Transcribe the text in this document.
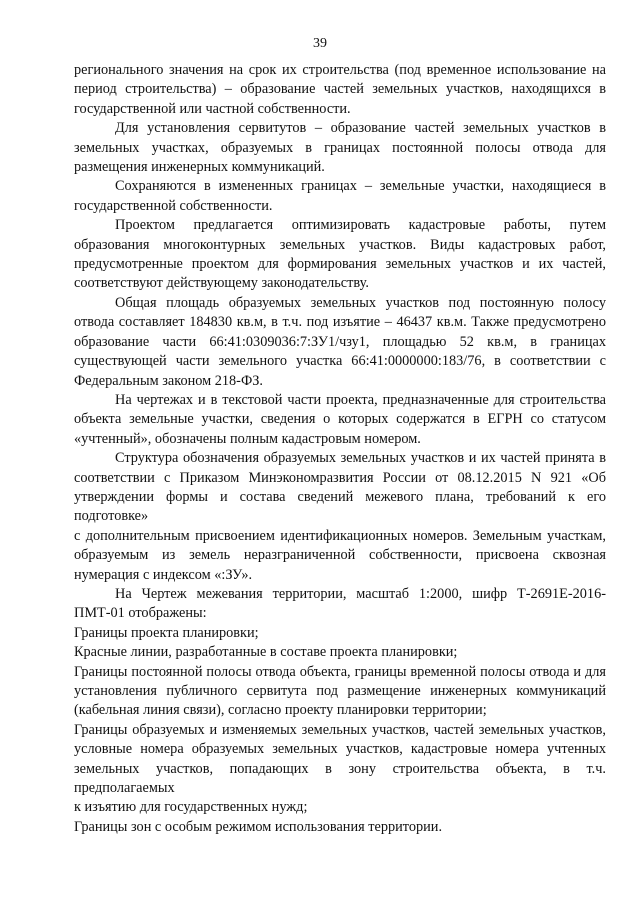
39

регионального значения на срок их строительства (под временное использование на период строительства) – образование частей земельных участков, находящихся в государственной или частной собственности.

Для установления сервитутов – образование частей земельных участков в земельных участках, образуемых в границах постоянной полосы отвода для размещения инженерных коммуникаций.

Сохраняются в измененных границах – земельные участки, находящиеся в государственной собственности.

Проектом предлагается оптимизировать кадастровые работы, путем образования многоконтурных земельных участков. Виды кадастровых работ, предусмотренные проектом для формирования земельных участков и их частей, соответствуют действующему законодательству.

Общая площадь образуемых земельных участков под постоянную полосу отвода составляет 184830 кв.м, в т.ч. под изъятие – 46437 кв.м. Также предусмотрено образование части 66:41:0309036:7:ЗУ1/чзу1, площадью 52 кв.м, в границах существующей части земельного участка 66:41:0000000:183/76, в соответствии с Федеральным законом 218-ФЗ.

На чертежах и в текстовой части проекта, предназначенные для строительства объекта земельные участки, сведения о которых содержатся в ЕГРН со статусом «учтенный», обозначены полным кадастровым номером.

Структура обозначения образуемых земельных участков и их частей принята в соответствии с Приказом Минэкономразвития России от 08.12.2015 N 921 «Об утверждении формы и состава сведений межевого плана, требований к его подготовке»

с дополнительным присвоением идентификационных номеров. Земельным участкам, образуемым из земель неразграниченной собственности, присвоена сквозная нумерация с индексом «:ЗУ».

На Чертеж межевания территории, масштаб 1:2000, шифр Т-2691Е-2016-ПМТ-01 отображены:

Границы проекта планировки;

Красные линии, разработанные в составе проекта планировки;

Границы постоянной полосы отвода объекта, границы временной полосы отвода и для установления публичного сервитута под размещение инженерных коммуникаций (кабельная линия связи), согласно проекту планировки территории;

Границы образуемых и изменяемых земельных участков, частей земельных участков, условные номера образуемых земельных участков, кадастровые номера учтенных земельных участков, попадающих в зону строительства объекта, в т.ч. предполагаемых

к изъятию для государственных нужд;

Границы зон с особым режимом использования территории.
